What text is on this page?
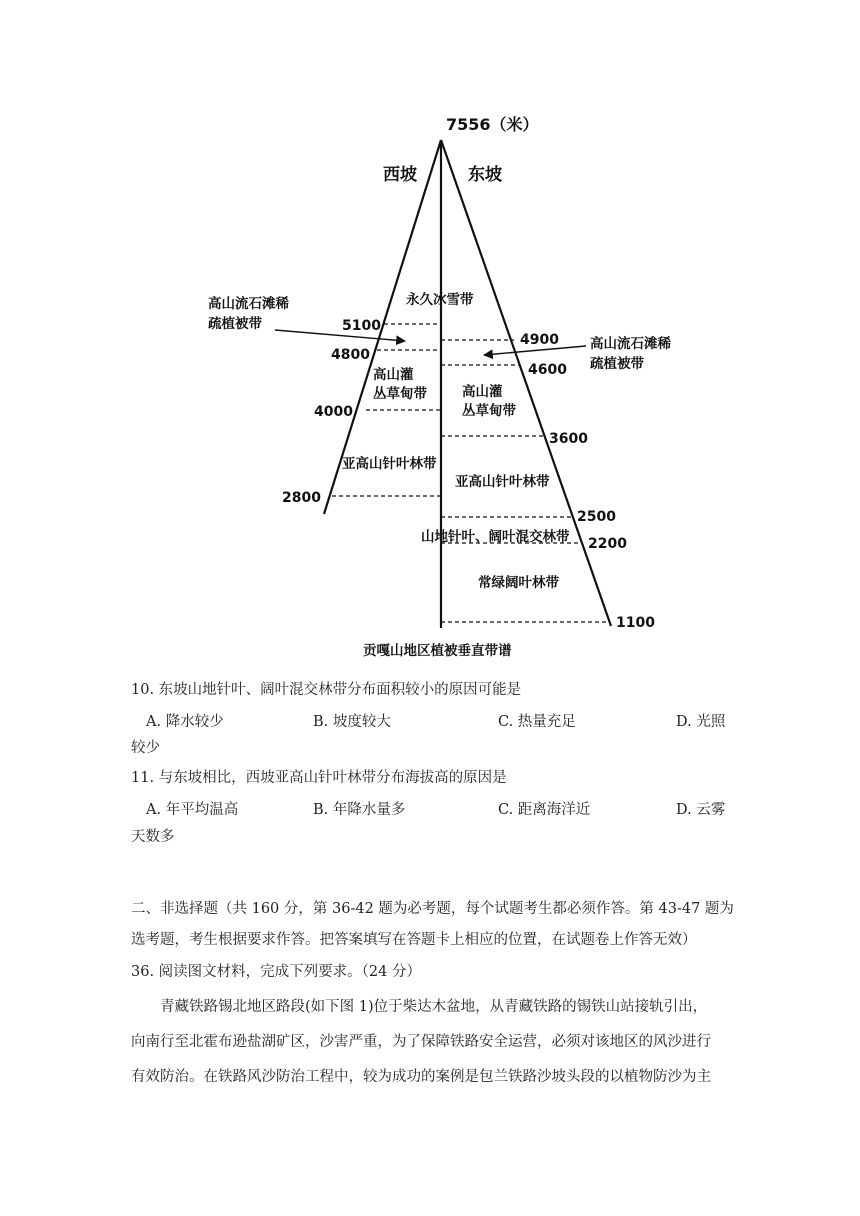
7556（米）
西坡	东坡
高山流石滩稀
疏植被带
高山流石滩稀
疏植被带
5100
4800
4000
2800
4900
4600
3600
2500
2200
1100
永久冰雪带
高山灌
丛草甸带	高山灌
丛草甸带
亚高山针叶林带
亚高山针叶林带
山地针叶、阔叶混交林带
常绿阔叶林带
贡嘎山地区植被垂直带谱
10. 东坡山地针叶、阔叶混交林带分布面积较小的原因可能是
A. 降水较少	B. 坡度较大	C. 热量充足	D. 光照
较少
11. 与东坡相比，西坡亚高山针叶林带分布海拔高的原因是
A. 年平均温高	B. 年降水量多	C. 距离海洋近	D. 云雾
天数多
二、非选择题（共 160 分，第 36-42 题为必考题，每个试题考生都必须作答。第 43-47 题为
选考题，考生根据要求作答。把答案填写在答题卡上相应的位置，在试题卷上作答无效）
36. 阅读图文材料，完成下列要求。（24 分）
　　青藏铁路锡北地区路段(如下图 1)位于柴达木盆地，从青藏铁路的锡铁山站接轨引出，
向南行至北霍布逊盐湖矿区，沙害严重，为了保障铁路安全运营，必须对该地区的风沙进行
有效防治。在铁路风沙防治工程中，较为成功的案例是包兰铁路沙坡头段的以植物防沙为主
